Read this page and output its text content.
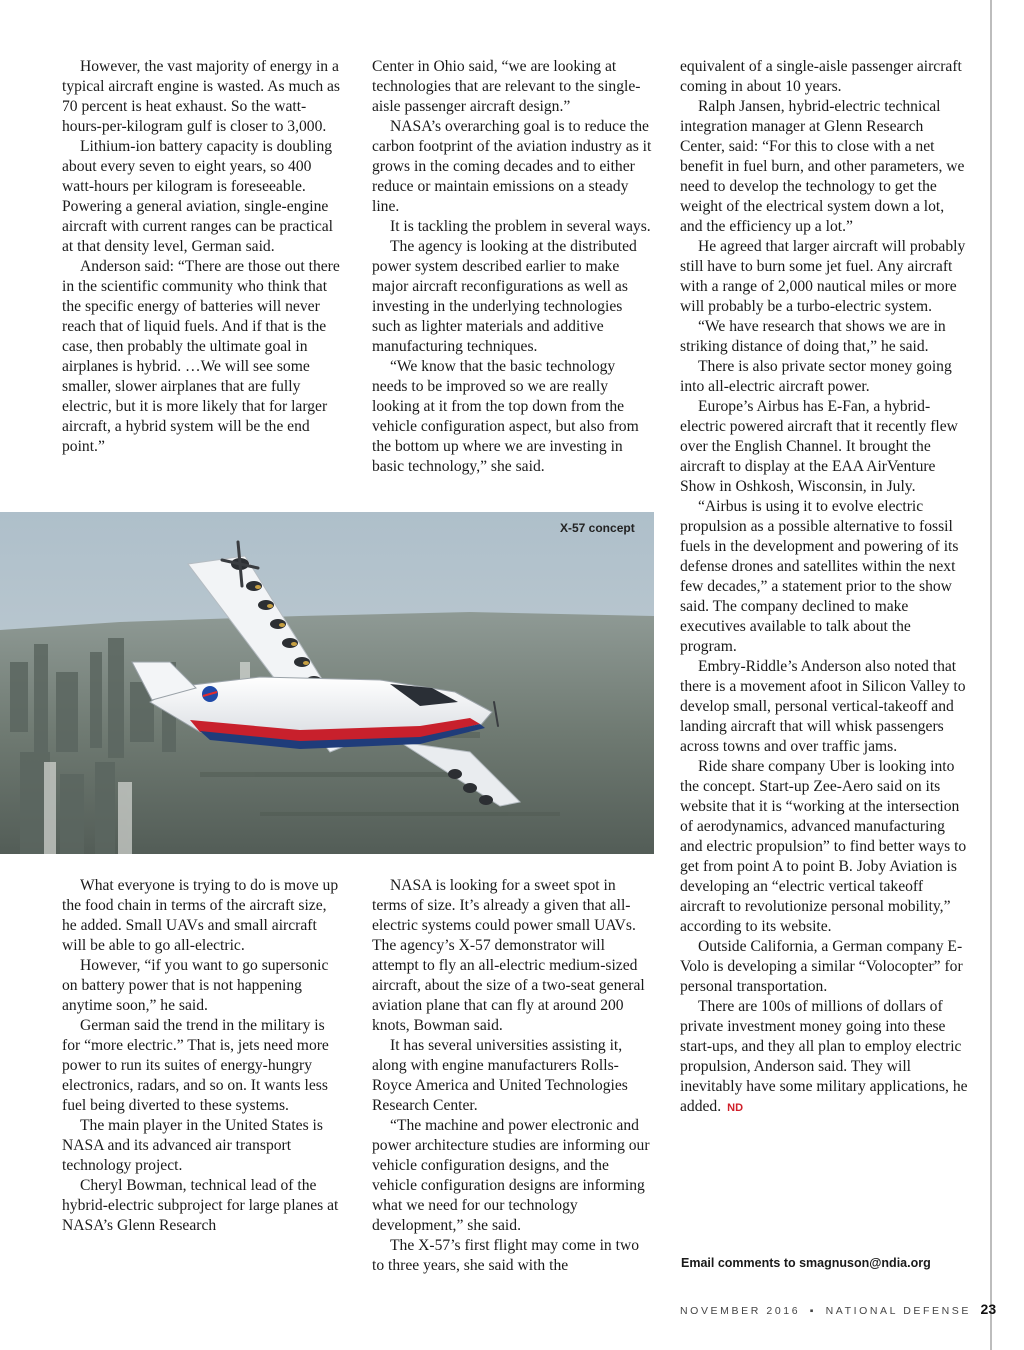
However, the vast majority of energy in a typical aircraft engine is wasted. As much as 70 percent is heat exhaust. So the watt-hours-per-kilogram gulf is closer to 3,000.

Lithium-ion battery capacity is doubling about every seven to eight years, so 400 watt-hours per kilogram is foreseeable. Powering a general aviation, single-engine aircraft with current ranges can be practical at that density level, German said.

Anderson said: “There are those out there in the scientific community who think that the specific energy of batteries will never reach that of liquid fuels. And if that is the case, then probably the ultimate goal in airplanes is hybrid. …We will see some smaller, slower airplanes that are fully electric, but it is more likely that for larger aircraft, a hybrid system will be the end point.”

Center in Ohio said, “we are looking at technologies that are relevant to the single-aisle passenger aircraft design.”

NASA’s overarching goal is to reduce the carbon footprint of the aviation industry as it grows in the coming decades and to either reduce or maintain emissions on a steady line.

It is tackling the problem in several ways.

The agency is looking at the distributed power system described earlier to make major aircraft reconfigurations as well as investing in the underlying technologies such as lighter materials and additive manufacturing techniques.

“We know that the basic technology needs to be improved so we are really looking at it from the top down from the vehicle configuration aspect, but also from the bottom up where we are investing in basic technology,” she said.

X-57 concept

What everyone is trying to do is move up the food chain in terms of the aircraft size, he added. Small UAVs and small aircraft will be able to go all-electric.

However, “if you want to go supersonic on battery power that is not happening anytime soon,” he said.

German said the trend in the military is for “more electric.” That is, jets need more power to run its suites of energy-hungry electronics, radars, and so on. It wants less fuel being diverted to these systems.

The main player in the United States is NASA and its advanced air transport technology project.

Cheryl Bowman, technical lead of the hybrid-electric subproject for large planes at NASA’s Glenn Research

NASA is looking for a sweet spot in terms of size. It’s already a given that all-electric systems could power small UAVs. The agency’s X-57 demonstrator will attempt to fly an all-electric medium-sized aircraft, about the size of a two-seat general aviation plane that can fly at around 200 knots, Bowman said.

It has several universities assisting it, along with engine manufacturers Rolls-Royce America and United Technologies Research Center.

“The machine and power electronic and power architecture studies are informing our vehicle configuration designs, and the vehicle configuration designs are informing what we need for our technology development,” she said.

The X-57’s first flight may come in two to three years, she said with the

equivalent of a single-aisle passenger aircraft coming in about 10 years.

Ralph Jansen, hybrid-electric technical integration manager at Glenn Research Center, said: “For this to close with a net benefit in fuel burn, and other parameters, we need to develop the technology to get the weight of the electrical system down a lot, and the efficiency up a lot.”

He agreed that larger aircraft will probably still have to burn some jet fuel. Any aircraft with a range of 2,000 nautical miles or more will probably be a turbo-electric system.

“We have research that shows we are in striking distance of doing that,” he said.

There is also private sector money going into all-electric aircraft power.

Europe’s Airbus has E-Fan, a hybrid-electric powered aircraft that it recently flew over the English Channel. It brought the aircraft to display at the EAA AirVenture Show in Oshkosh, Wisconsin, in July.

“Airbus is using it to evolve electric propulsion as a possible alternative to fossil fuels in the development and powering of its defense drones and satellites within the next few decades,” a statement prior to the show said. The company declined to make executives available to talk about the program.

Embry-Riddle’s Anderson also noted that there is a movement afoot in Silicon Valley to develop small, personal vertical-takeoff and landing aircraft that will whisk passengers across towns and over traffic jams.

Ride share company Uber is looking into the concept. Start-up Zee-Aero said on its website that it is “working at the intersection of aerodynamics, advanced manufacturing and electric propulsion” to find better ways to get from point A to point B. Joby Aviation is developing an “electric vertical takeoff aircraft to revolutionize personal mobility,” according to its website.

Outside California, a German company E-Volo is developing a similar “Volocopter” for personal transportation.

There are 100s of millions of dollars of private investment money going into these start-ups, and they all plan to employ electric propulsion, Anderson said. They will inevitably have some military applications, he added. ND

Email comments to smagnuson@ndia.org
NOVEMBER 2016 ▪ NATIONAL DEFENSE 23
